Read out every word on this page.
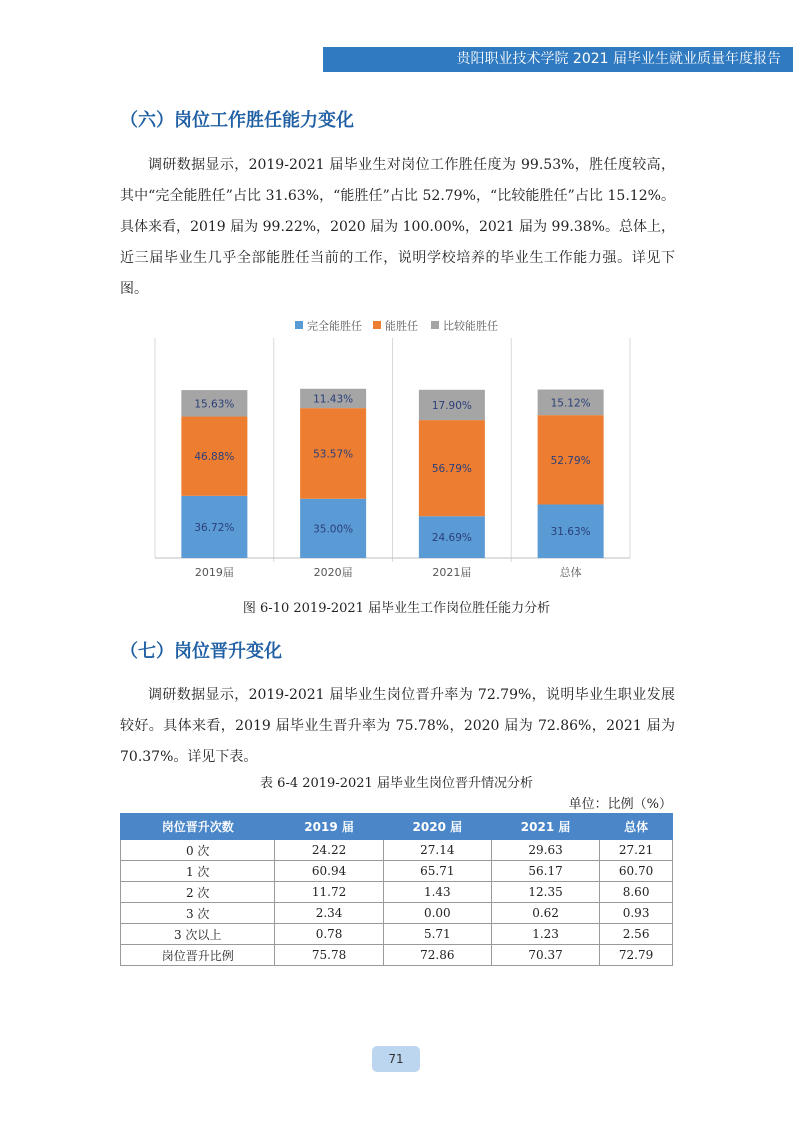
贵阳职业技术学院 2021 届毕业生就业质量年度报告
（六）岗位工作胜任能力变化

调研数据显示，2019-2021 届毕业生对岗位工作胜任度为 99.53%，胜任度较高，其中“完全能胜任”占比 31.63%，“能胜任”占比 52.79%，“比较能胜任”占比 15.12%。具体来看，2019 届为 99.22%，2020 届为 100.00%，2021 届为 99.38%。总体上，近三届毕业生几乎全部能胜任当前的工作，说明学校培养的毕业生工作能力强。详见下图。

完全能胜任 能胜任 比较能胜任
36.72%
46.88%
15.63%
2019届
35.00%
53.57%
11.43%
2020届
24.69%
56.79%
17.90%
2021届
31.63%
52.79%
15.12%
总体
图 6-10 2019-2021 届毕业生工作岗位胜任能力分析
（七）岗位晋升变化

调研数据显示，2019-2021 届毕业生岗位晋升率为 72.79%，说明毕业生职业发展较好。具体来看，2019 届毕业生晋升率为 75.78%，2020 届为 72.86%，2021 届为 70.37%。详见下表。

表 6-4 2019-2021 届毕业生岗位晋升情况分析
单位：比例（%）
岗位晋升次数	2019 届	2020 届	2021 届	总体
0 次	24.22	27.14	29.63	27.21
1 次	60.94	65.71	56.17	60.70
2 次	11.72	1.43	12.35	8.60
3 次	2.34	0.00	0.62	0.93
3 次以上	0.78	5.71	1.23	2.56
岗位晋升比例	75.78	72.86	70.37	72.79
71
